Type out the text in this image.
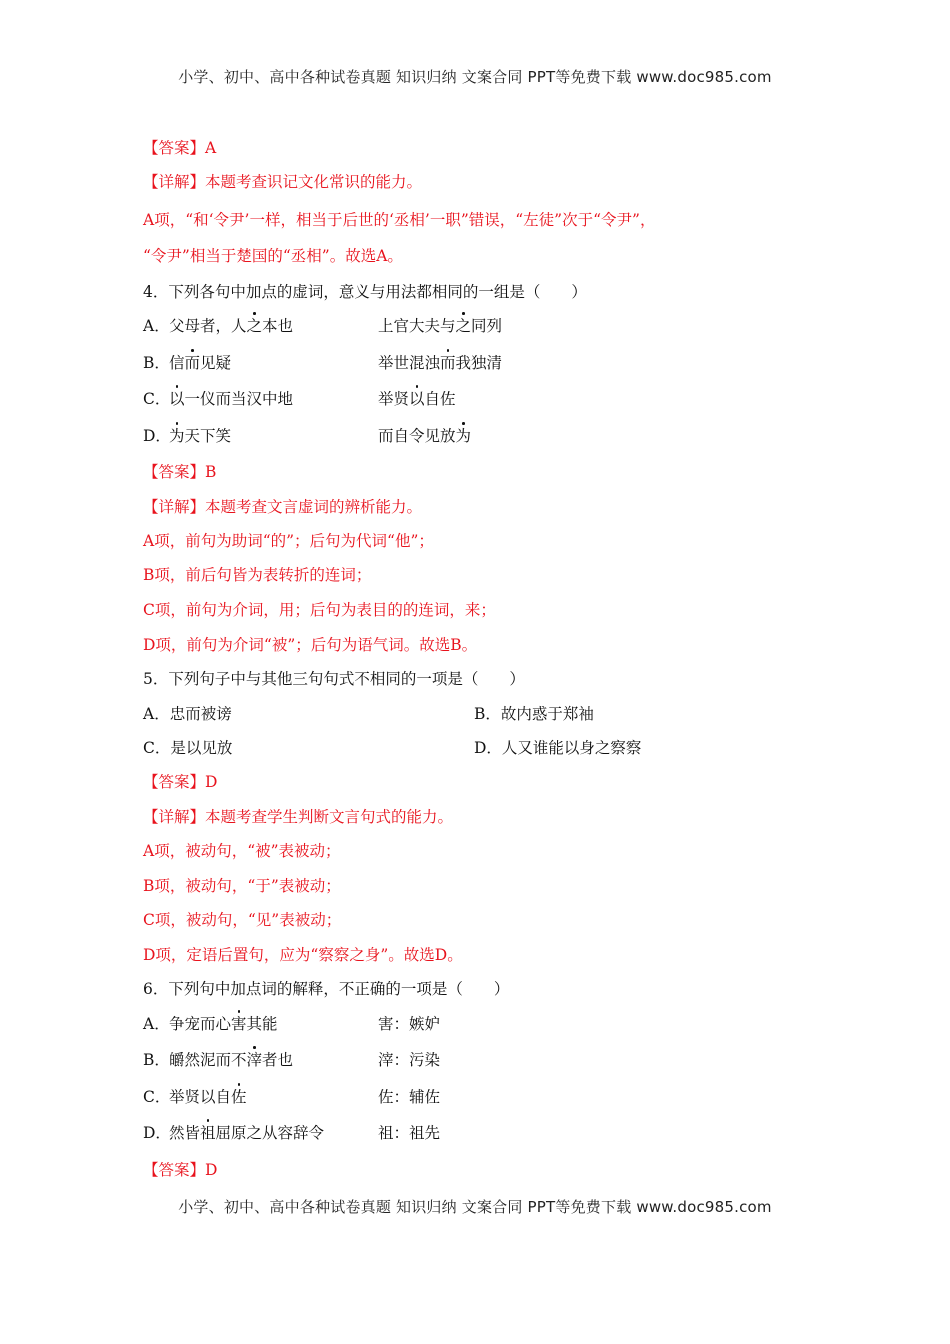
小学、初中、高中各种试卷真题 知识归纳 文案合同 PPT等免费下载 www.doc985.com
【答案】A
【详解】本题考查识记文化常识的能力。
A项，“和‘令尹’一样，相当于后世的‘丞相’一职”错误，“左徒”次于“令尹”，
“令尹”相当于楚国的“丞相”。故选A。
4．下列各句中加点的虚词，意义与用法都相同的一组是（　　）
A．父母者，人之本也	上官大夫与之同列
B．信而见疑	举世混浊而我独清
C．以一仪而当汉中地	举贤以自佐
D．为天下笑	而自令见放为
【答案】B
【详解】本题考查文言虚词的辨析能力。
A项，前句为助词“的”；后句为代词“他”；
B项，前后句皆为表转折的连词；
C项，前句为介词，用；后句为表目的的连词，来；
D项，前句为介词“被”；后句为语气词。故选B。
5．下列句子中与其他三句句式不相同的一项是（　　）
A．忠而被谤	B．故内惑于郑袖
C．是以见放	D．人又谁能以身之察察
【答案】D
【详解】本题考查学生判断文言句式的能力。
A项，被动句，“被”表被动；
B项，被动句，“于”表被动；
C项，被动句，“见”表被动；
D项，定语后置句，应为“察察之身”。故选D。
6．下列句中加点词的解释，不正确的一项是（　　）
A．争宠而心害其能	害：嫉妒
B．皭然泥而不滓者也	滓：污染
C．举贤以自佐	佐：辅佐
D．然皆祖屈原之从容辞令	祖：祖先
【答案】D
小学、初中、高中各种试卷真题 知识归纳 文案合同 PPT等免费下载 www.doc985.com
